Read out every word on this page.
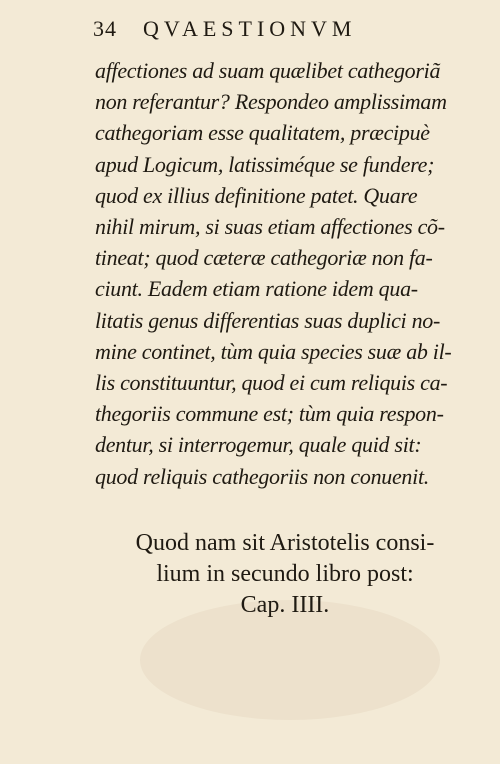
34 QVAESTIONVM
affectiones ad suam quælibet cathegoriã
non referantur? Respondeo amplissimam
cathegoriam esse qualitatem, præcipuè
apud Logicum, latissiméque se fundere;
quod ex illius definitione patet. Quare
nihil mirum, si suas etiam affectiones cõ-
tineat; quod cæteræ cathegoriæ non fa-
ciunt. Eadem etiam ratione idem qua-
litatis genus differentias suas duplici no-
mine continet, tùm quia species suæ ab il-
lis constituuntur, quod ei cum reliquis ca-
thegoriis commune est; tùm quia respon-
dentur, si interrogemur, quale quid sit:
quod reliquis cathegoriis non conuenit.
Quod nam sit Aristotelis consi-
lium in secundo libro post:
Cap. IIII.
